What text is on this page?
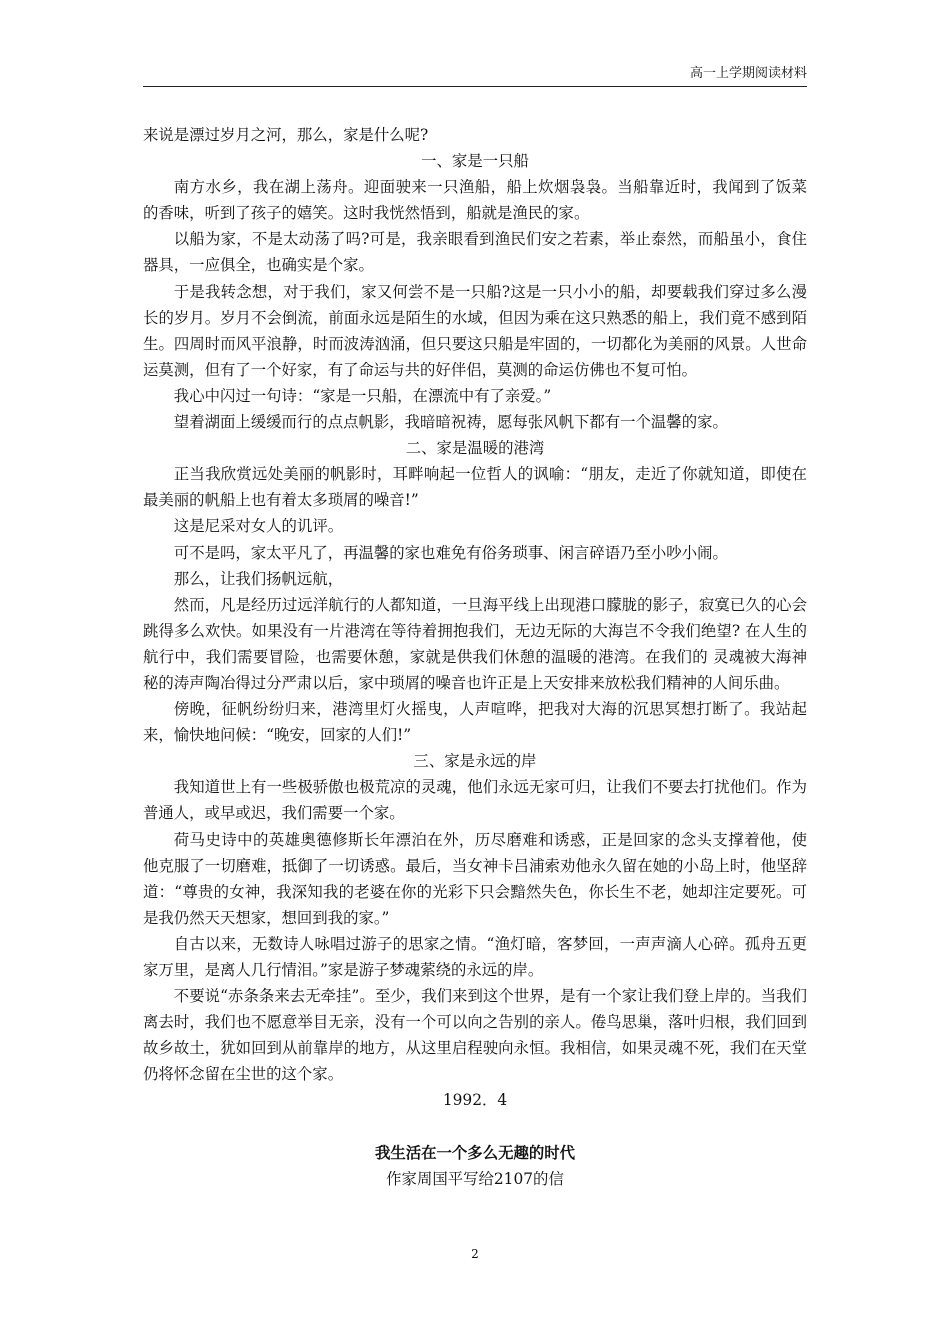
高一上学期阅读材料

来说是漂过岁月之河，那么，家是什么呢?

一、家是一只船

南方水乡，我在湖上荡舟。迎面驶来一只渔船，船上炊烟袅袅。当船靠近时，我闻到了饭菜 的香味，听到了孩子的嬉笑。这时我恍然悟到，船就是渔民的家。

以船为家，不是太动荡了吗?可是，我亲眼看到渔民们安之若素，举止泰然，而船虽小，食住器具，一应俱全，也确实是个家。

于是我转念想，对于我们，家又何尝不是一只船?这是一只小小的船，却要载我们穿过多么漫长的岁月。岁月不会倒流，前面永远是陌生的水域，但因为乘在这只熟悉的船上，我们竟不感到陌生。四周时而风平浪静，时而波涛汹涌，但只要这只船是牢固的，一切都化为美丽的风景。人世命运莫测，但有了一个好家，有了命运与共的好伴侣，莫测的命运仿佛也不复可怕。

我心中闪过一句诗：“家是一只船，在漂流中有了亲爱。”

望着湖面上缓缓而行的点点帆影，我暗暗祝祷，愿每张风帆下都有一个温馨的家。

二、家是温暖的港湾

正当我欣赏远处美丽的帆影时，耳畔响起一位哲人的讽喻：“朋友，走近了你就知道，即使在最美丽的帆船上也有着太多琐屑的噪音!”

这是尼采对女人的讥评。

可不是吗，家太平凡了，再温馨的家也难免有俗务琐事、闲言碎语乃至小吵小闹。

那么，让我们扬帆远航，

然而，凡是经历过远洋航行的人都知道，一旦海平线上出现港口朦胧的影子，寂寞已久的心会跳得多么欢快。如果没有一片港湾在等待着拥抱我们，无边无际的大海岂不令我们绝望? 在人生的航行中，我们需要冒险，也需要休憩，家就是供我们休憩的温暖的港湾。在我们的 灵魂被大海神秘的涛声陶冶得过分严肃以后，家中琐屑的噪音也许正是上天安排来放松我们精神的人间乐曲。

傍晚，征帆纷纷归来，港湾里灯火摇曳，人声喧哗，把我对大海的沉思冥想打断了。我站起来，愉快地问候：“晚安，回家的人们!”

三、家是永远的岸

我知道世上有一些极骄傲也极荒凉的灵魂，他们永远无家可归，让我们不要去打扰他们。作为普通人，或早或迟，我们需要一个家。

荷马史诗中的英雄奥德修斯长年漂泊在外，历尽磨难和诱惑，正是回家的念头支撑着他，使 他克服了一切磨难，抵御了一切诱惑。最后，当女神卡吕浦索劝他永久留在她的小岛上时，他坚辞道：“尊贵的女神，我深知我的老婆在你的光彩下只会黯然失色，你长生不老，她却注定要死。可是我仍然天天想家，想回到我的家。”

自古以来，无数诗人咏唱过游子的思家之情。“渔灯暗，客梦回，一声声滴人心碎。孤舟五更家万里，是离人几行情泪。”家是游子梦魂萦绕的永远的岸。

不要说“赤条条来去无牵挂”。至少，我们来到这个世界，是有一个家让我们登上岸的。当我们离去时，我们也不愿意举目无亲，没有一个可以向之告别的亲人。倦鸟思巢，落叶归根，我们回到故乡故土，犹如回到从前靠岸的地方，从这里启程驶向永恒。我相信，如果灵魂不死，我们在天堂仍将怀念留在尘世的这个家。

1992．4

我生活在一个多么无趣的时代

作家周国平写给2107的信

2
